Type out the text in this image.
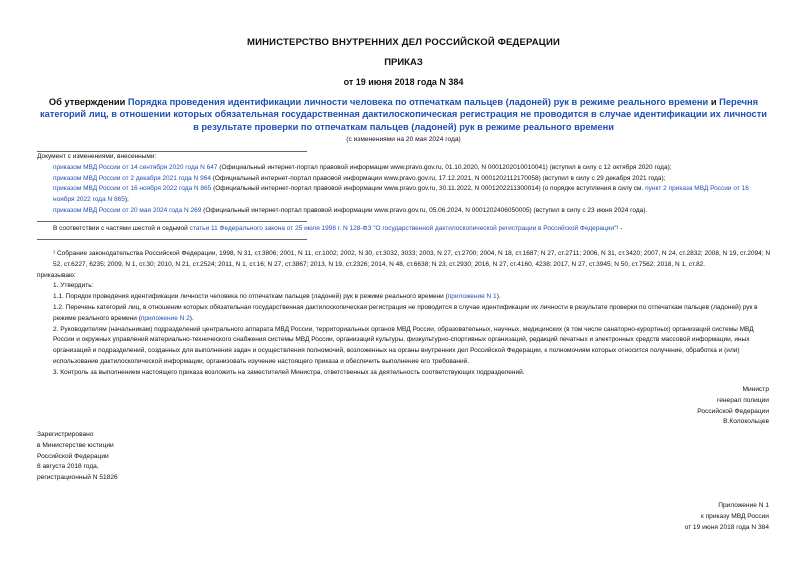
МИНИСТЕРСТВО ВНУТРЕННИХ ДЕЛ РОССИЙСКОЙ ФЕДЕРАЦИИ
ПРИКАЗ
от 19 июня 2018 года N 384
Об утверждении Порядка проведения идентификации личности человека по отпечаткам пальцев (ладоней) рук в режиме реального времени и Перечня категорий лиц, в отношении которых обязательная государственная дактилоскопическая регистрация не проводится в случае идентификации их личности в результате проверки по отпечаткам пальцев (ладоней) рук в режиме реального времени
(с изменениями на 20 мая 2024 года)
Документ с изменениями, внесенными:
приказом МВД России от 14 сентября 2020 года N 647 (Официальный интернет-портал правовой информации www.pravo.gov.ru, 01.10.2020, N 0001202010010041) (вступил в силу с 12 октября 2020 года);
приказом МВД России от 2 декабря 2021 года N 964 (Официальный интернет-портал правовой информации www.pravo.gov.ru, 17.12.2021, N 0001202112170058) (вступил в силу с 29 декабря 2021 года);
приказом МВД России от 16 ноября 2022 года N 865 (Официальный интернет-портал правовой информации www.pravo.gov.ru, 30.11.2022, N 0001202211300014) (о порядке вступления в силу см. пункт 2 приказа МВД России от 16 ноября 2022 года N 865);
приказом МВД России от 20 мая 2024 года N 269 (Официальный интернет-портал правовой информации www.pravo.gov.ru, 05.06.2024, N 0001202406050005) (вступил в силу с 23 июня 2024 года).
В соответствии с частями шестой и седьмой статьи 11 Федерального закона от 25 июля 1998 г. N 128-ФЗ "О государственной дактилоскопической регистрации в Российской Федерации"¹ -
¹ Собрание законодательства Российской Федерации, 1998, N 31, ст.3806; 2001, N 11, ст.1002; 2002, N 30, ст.3032, 3033; 2003, N 27, ст.2700; 2004, N 18, ст.1687; N 27, ст.2711; 2006, N 31, ст.3420; 2007, N 24, ст.2832; 2008, N 19, ст.2094; N 52, ст.6227, 6235; 2009, N 1, ст.30; 2010, N 21, ст.2524; 2011, N 1, ст.16; N 27, ст.3867; 2013, N 19, ст.2326; 2014, N 48, ст.6638; N 23, ст.2930; 2016, N 27, ст.4160, 4238; 2017, N 27, ст.3945; N 50, ст.7562; 2018, N 1, ст.82.
приказываю:
1. Утвердить:
1.1. Порядок проведения идентификации личности человека по отпечаткам пальцев (ладоней) рук в режиме реального времени (приложение N 1).
1.2. Перечень категорий лиц, в отношении которых обязательная государственная дактилоскопическая регистрация не проводится в случае идентификации их личности в результате проверки по отпечаткам пальцев (ладоней) рук в режиме реального времени (приложение N 2).
2. Руководителям (начальникам) подразделений центрального аппарата МВД России, территориальных органов МВД России, образовательных, научных, медицинских (в том числе санаторно-курортных) организаций системы МВД России и окружных управлений материально-технического снабжения системы МВД России, организаций культуры, физкультурно-спортивных организаций, редакций печатных и электронных средств массовой информации, иных организаций и подразделений, созданных для выполнения задач и осуществления полномочий, возложенных на органы внутренних дел Российской Федерации, к полномочиям которых относится получение, обработка и (или) использование дактилоскопической информации, организовать изучение настоящего приказа и обеспечить выполнение его требований.
3. Контроль за выполнением настоящего приказа возложить на заместителей Министра, ответственных за деятельность соответствующих подразделений.
Министр
генерал полиции
Российской Федерации
В.Колокольцев
Зарегистрировано
в Министерстве юстиции
Российской Федерации
8 августа 2018 года,
регистрационный N 51826
Приложение N 1
к приказу МВД России
от 19 июня 2018 года N 384
